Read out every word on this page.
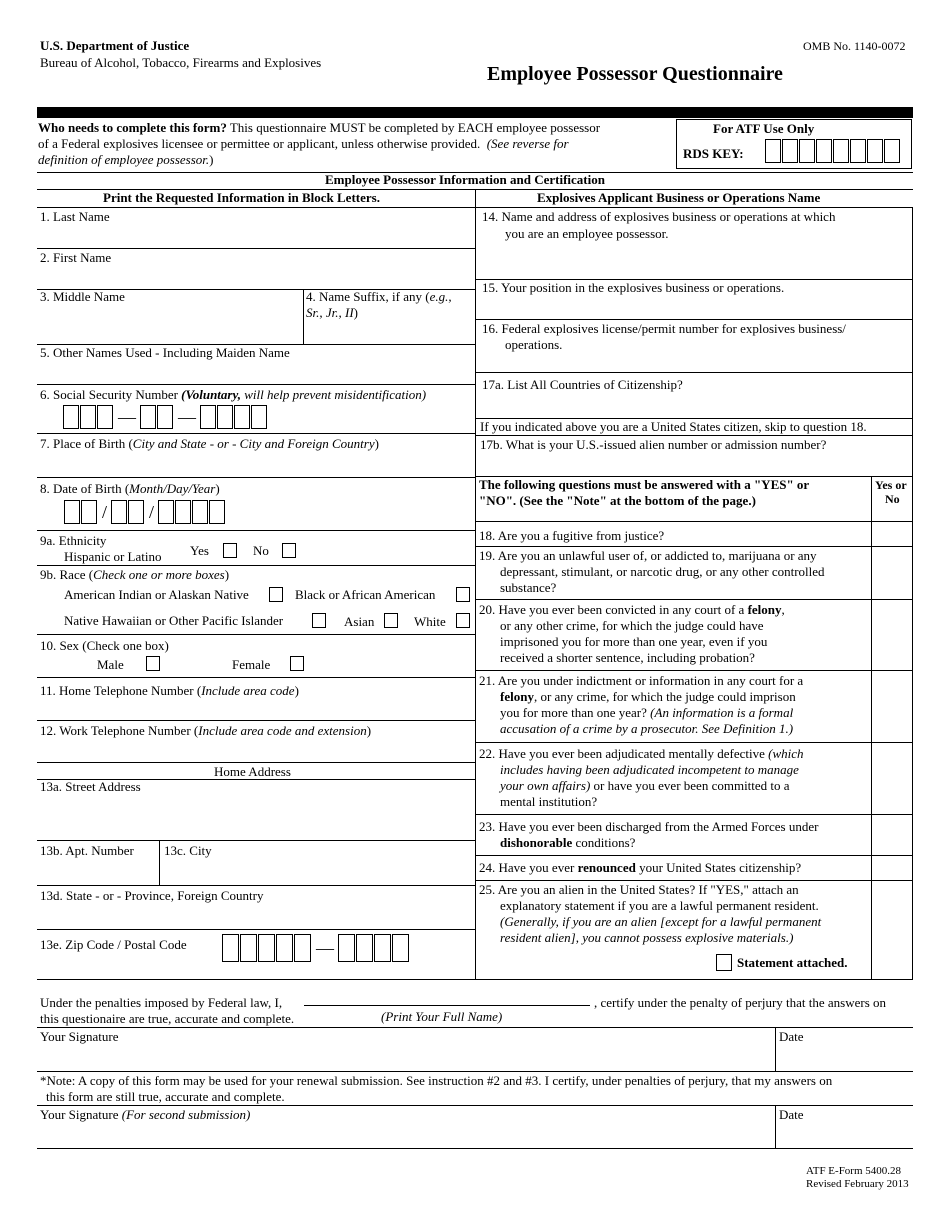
U.S. Department of Justice
Bureau of Alcohol, Tobacco, Firearms and Explosives
OMB No. 1140-0072
Employee Possessor Questionnaire
Who needs to complete this form? This questionnaire MUST be completed by EACH employee possessor
of a Federal explosives licensee or permittee or applicant, unless otherwise provided. (See reverse for
definition of employee possessor.)
For ATF Use Only
RDS KEY:
Employee Possessor Information and Certification
Print the Requested Information in Block Letters.	Explosives Applicant Business or Operations Name
1. Last Name
2. First Name
3. Middle Name	4. Name Suffix, if any (e.g.,
Sr., Jr., II)
5. Other Names Used - Including Maiden Name
6. Social Security Number (Voluntary, will help prevent misidentification)
— —
7. Place of Birth (City and State - or - City and Foreign Country)
8. Date of Birth (Month/Day/Year)
/ /
9a. Ethnicity
Hispanic or Latino Yes	No
9b. Race (Check one or more boxes)
American Indian or Alaskan Native	Black or African American
Native Hawaiian or Other Pacific Islander	Asian	White
10. Sex (Check one box)
Male	Female
11. Home Telephone Number (Include area code)
12. Work Telephone Number (Include area code and extension)
Home Address
13a. Street Address
13b. Apt. Number 13c. City
13d. State - or - Province, Foreign Country
13e. Zip Code / Postal Code	—
14. Name and address of explosives business or operations at which
you are an employee possessor.
15. Your position in the explosives business or operations.
16. Federal explosives license/permit number for explosives business/
operations.
17a. List All Countries of Citizenship?
If you indicated above you are a United States citizen, skip to question 18.
17b. What is your U.S.-issued alien number or admission number?
The following questions must be answered with a "YES" or
"NO". (See the "Note" at the bottom of the page.)
Yes or
No
18. Are you a fugitive from justice?
19. Are you an unlawful user of, or addicted to, marijuana or any
depressant, stimulant, or narcotic drug, or any other controlled
substance?
20. Have you ever been convicted in any court of a felony,
or any other crime, for which the judge could have
imprisoned you for more than one year, even if you
received a shorter sentence, including probation?
21. Are you under indictment or information in any court for a
felony, or any crime, for which the judge could imprison
you for more than one year? (An information is a formal
accusation of a crime by a prosecutor. See Definition 1.)
22. Have you ever been adjudicated mentally defective (which
includes having been adjudicated incompetent to manage
your own affairs) or have you ever been committed to a
mental institution?
23. Have you ever been discharged from the Armed Forces under
dishonorable conditions?
24. Have you ever renounced your United States citizenship?
25. Are you an alien in the United States? If "YES," attach an
explanatory statement if you are a lawful permanent resident.
(Generally, if you are an alien [except for a lawful permanent
resident alien], you cannot possess explosive materials.)
Statement attached.
Under the penalties imposed by Federal law, I,	, certify under the penalty of perjury that the answers on
this questionaire are true, accurate and complete.	(Print Your Full Name)
Your Signature	Date
*Note: A copy of this form may be used for your renewal submission. See instruction #2 and #3. I certify, under penalties of perjury, that my answers on
this form are still true, accurate and complete.
Your Signature (For second submission)	Date
ATF E-Form 5400.28
Revised February 2013
